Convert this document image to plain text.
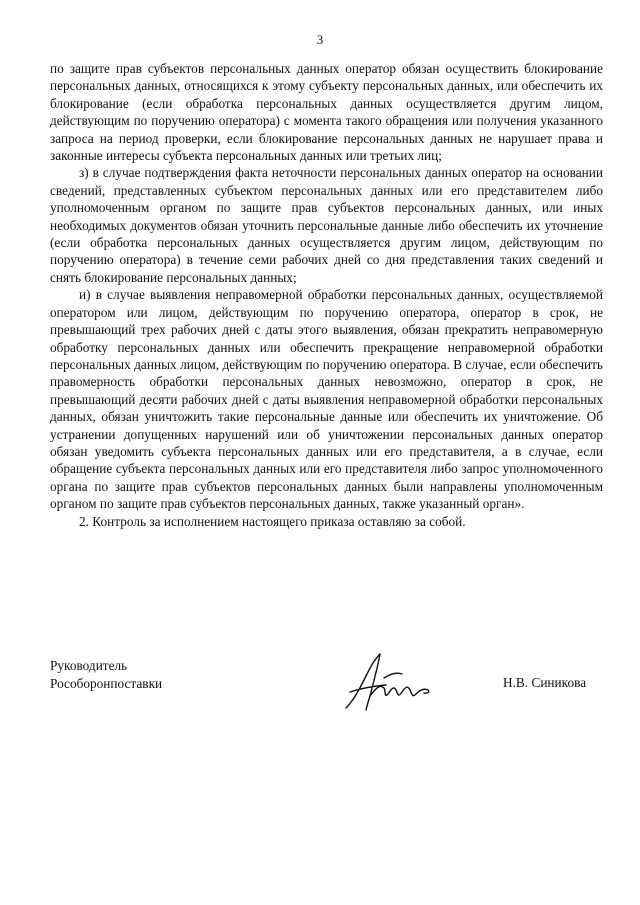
3

по защите прав субъектов персональных данных оператор обязан осуществить блокирование персональных данных, относящихся к этому субъекту персональных данных, или обеспечить их блокирование (если обработка персональных данных осуществляется другим лицом, действующим по поручению оператора) с момента такого обращения или получения указанного запроса на период проверки, если блокирование персональных данных не нарушает права и законные интересы субъекта персональных данных или третьих лиц;

з) в случае подтверждения факта неточности персональных данных оператор на основании сведений, представленных субъектом персональных данных или его представителем либо уполномоченным органом по защите прав субъектов персональных данных, или иных необходимых документов обязан уточнить персональные данные либо обеспечить их уточнение (если обработка персональных данных осуществляется другим лицом, действующим по поручению оператора) в течение семи рабочих дней со дня представления таких сведений и снять блокирование персональных данных;

и) в случае выявления неправомерной обработки персональных данных, осуществляемой оператором или лицом, действующим по поручению оператора, оператор в срок, не превышающий трех рабочих дней с даты этого выявления, обязан прекратить неправомерную обработку персональных данных или обеспечить прекращение неправомерной обработки персональных данных лицом, действующим по поручению оператора. В случае, если обеспечить правомерность обработки персональных данных невозможно, оператор в срок, не превышающий десяти рабочих дней с даты выявления неправомерной обработки персональных данных, обязан уничтожить такие персональные данные или обеспечить их уничтожение. Об устранении допущенных нарушений или об уничтожении персональных данных оператор обязан уведомить субъекта персональных данных или его представителя, а в случае, если обращение субъекта персональных данных или его представителя либо запрос уполномоченного органа по защите прав субъектов персональных данных были направлены уполномоченным органом по защите прав субъектов персональных данных, также указанный орган».

2. Контроль за исполнением настоящего приказа оставляю за собой.

Руководитель
Рособоронпоставки	Н.В. Синикова
